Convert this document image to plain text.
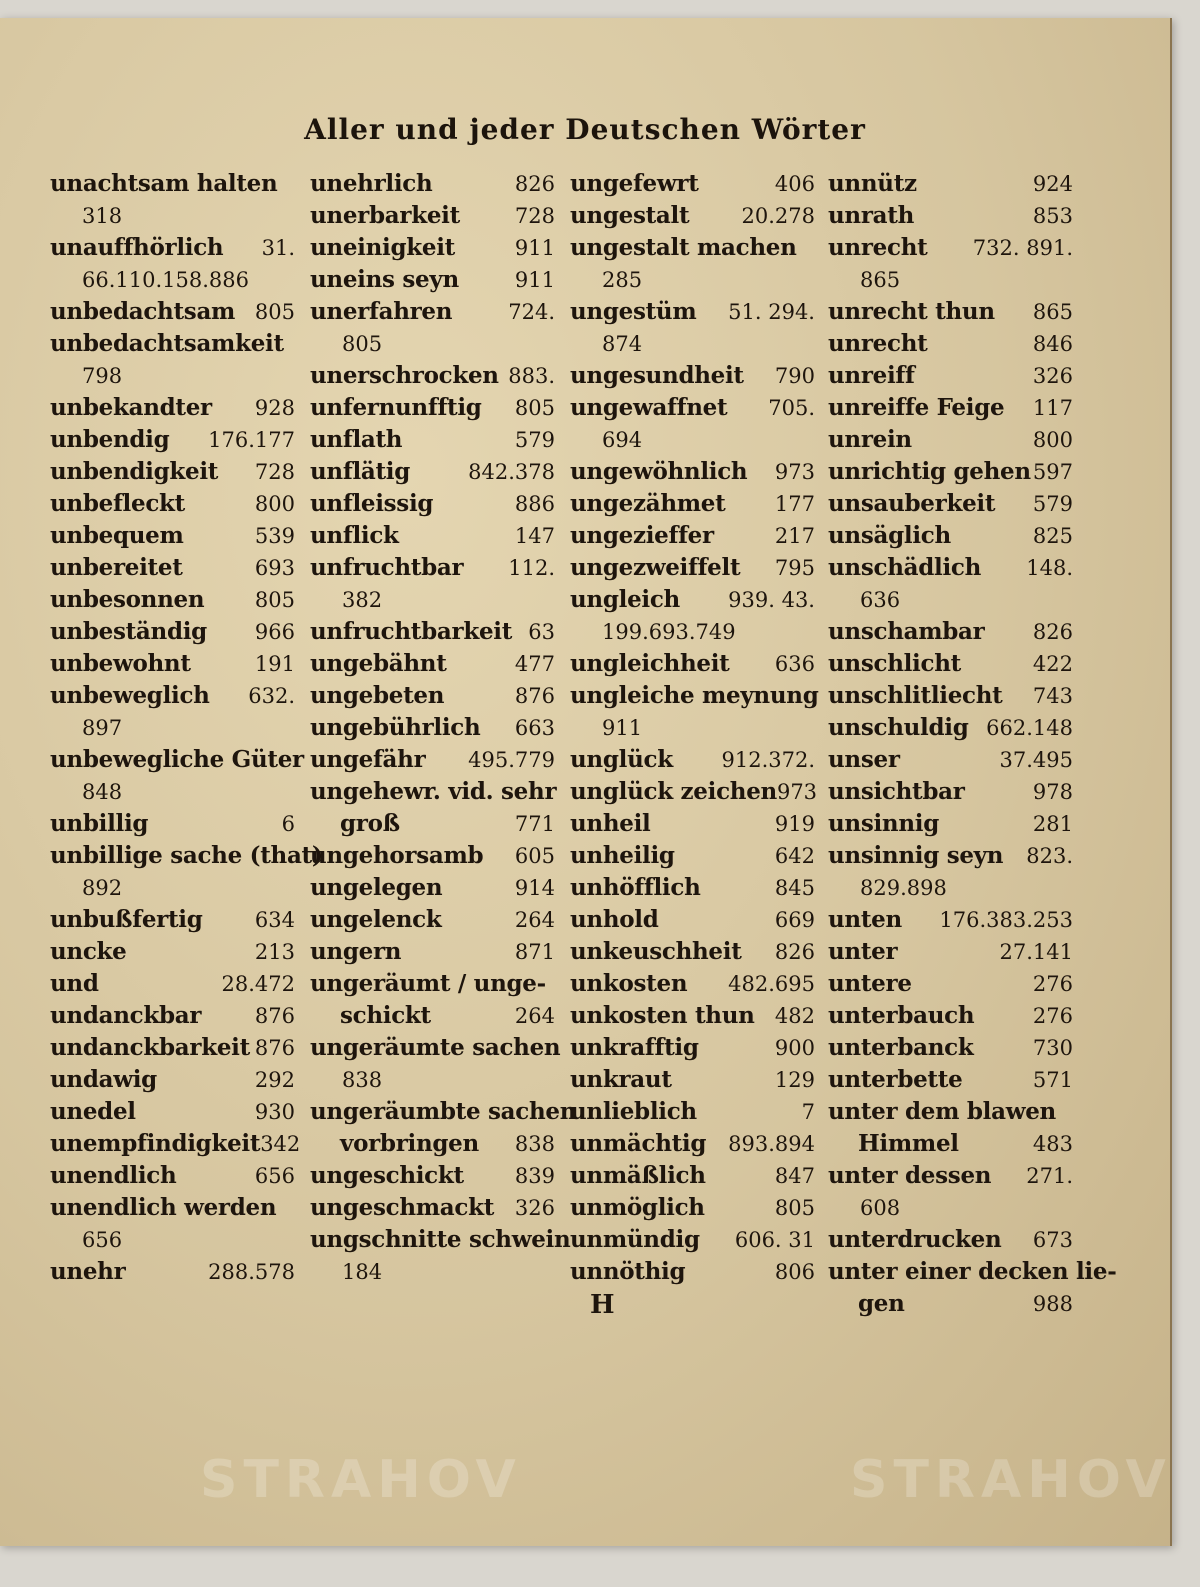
Aller und jeder Deutschen Wörter
unachtsam halten
318
unauffhörlich 31.
66.110.158.886
unbedachtsam 805
unbedachtsamkeit
798
unbekandter 928
unbendig 176.177
unbendigkeit 728
unbefleckt	800
unbequem	539
unbereitet	693
unbesonnen 805
unbeständig 966
unbewohnt	191
unbeweglich 632.
897
unbewegliche Güter
848
unbillig	6
unbillige sache (that)
892
unbußfertig 634
uncke	213
und	28.472
undanckbar	876
undanckbarkeit 876
undawig	292
unedel	930
unempfindigkeit 342
unendlich	656
unendlich werden
656
unehr	288.578
unehrlich	826
unerbarkeit	728
uneinigkeit	911
uneins seyn	911
unerfahren	724.
805
unerschrocken 883.
unfernunfftig 805
unflath	579
unflätig	842.378
unfleissig	886
unflick	147
unfruchtbar 112.
382
unfruchtbarkeit 63
ungebähnt	477
ungebeten	876
ungebührlich 663
ungefähr 495.779
ungehewr. vid. sehr
groß	771
ungehorsamb 605
ungelegen	914
ungelenck	264
ungern	871
ungeräumt / unge-
schickt	264
ungeräumte sachen
838
ungeräumbte sachen
vorbringen 838
ungeschickt 839
ungeschmackt 326
ungschnitte schwein
184
ungefewrt	406
ungestalt 20.278
ungestalt machen
285
ungestüm 51. 294.
874
ungesundheit 790
ungewaffnet 705.
694
ungewöhnlich 973
ungezähmet 177
ungezieffer	217
ungezweiffelt 795
ungleich 939. 43.
199.693.749
ungleichheit 636
ungleiche meynung
911
unglück 912.372.
unglück zeichen 973
unheil	919
unheilig	642
unhöfflich	845
unhold	669
unkeuschheit 826
unkosten 482.695
unkosten thun 482
unkrafftig	900
unkraut	129
unlieblich	7
unmächtig 893.894
unmäßlich	847
unmöglich	805
unmündig 606. 31
unnöthig	806
unnütz	924
unrath	853
unrecht 732. 891.
865
unrecht thun 865
unrecht	846
unreiff	326
unreiffe Feige 117
unrein	800
unrichtig gehen 597
unsauberkeit 579
unsäglich	825
unschädlich 148.
636
unschambar 826
unschlicht	422
unschlitliecht 743
unschuldig 662.148
unser	37.495
unsichtbar	978
unsinnig	281
unsinnig seyn 823.
829.898
unten 176.383.253
unter	27.141
untere	276
unterbauch	276
unterbanck	730
unterbette	571
unter dem blawen
Himmel	483
unter dessen 271.
608
unterdrucken 673
unter einer decken lie-
gen	988
H
STRAHOV	STRAHOV
